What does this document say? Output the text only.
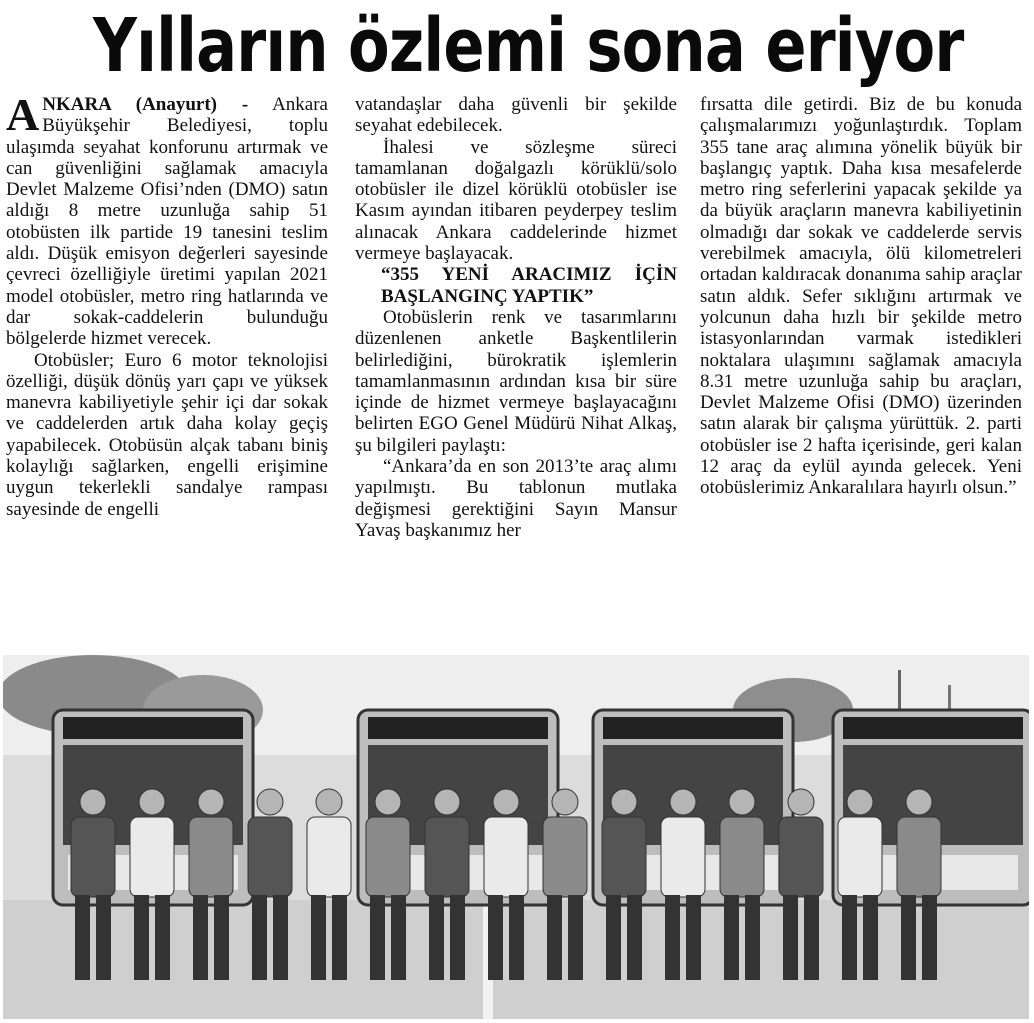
Yılların özlemi sona eriyor

ANKARA (Anayurt) - Ankara Büyükşehir Belediyesi, toplu ulaşımda seyahat konforunu artırmak ve can güvenliğini sağlamak amacıyla Devlet Malzeme Ofisi’nden (DMO) satın aldığı 8 metre uzunluğa sahip 51 otobüsten ilk partide 19 tanesini teslim aldı. Düşük emisyon değerleri sayesinde çevreci özelliğiyle üretimi yapılan 2021 model otobüsler, metro ring hatlarında ve dar sokak-caddelerin bulunduğu bölgelerde hizmet verecek.

Otobüsler; Euro 6 motor teknolojisi özelliği, düşük dönüş yarı çapı ve yüksek manevra kabiliyetiyle şehir içi dar sokak ve caddelerden artık daha kolay geçiş yapabilecek. Otobüsün alçak tabanı biniş kolaylığı sağlarken, engelli erişimine uygun tekerlekli sandalye rampası sayesinde de engelli

vatandaşlar daha güvenli bir şekilde seyahat edebilecek.

İhalesi ve sözleşme süreci tamamlanan doğalgazlı körüklü/solo otobüsler ile dizel körüklü otobüsler ise Kasım ayından itibaren peyderpey teslim alınacak Ankara caddelerinde hizmet vermeye başlayacak.

“355 YENİ ARACIMIZ İÇİN BAŞLANGINÇ YAPTIK”

Otobüslerin renk ve tasarımlarını düzenlenen anketle Başkentlilerin belirlediğini, bürokratik işlemlerin tamamlanmasının ardından kısa bir süre içinde de hizmet vermeye başlayacağını belirten EGO Genel Müdürü Nihat Alkaş, şu bilgileri paylaştı:

“Ankara’da en son 2013’te araç alımı yapılmıştı. Bu tablonun mutlaka değişmesi gerektiğini Sayın Mansur Yavaş başkanımız her

fırsatta dile getirdi. Biz de bu konuda çalışmalarımızı yoğunlaştırdık. Toplam 355 tane araç alımına yönelik büyük bir başlangıç yaptık. Daha kısa mesafelerde metro ring seferlerini yapacak şekilde ya da büyük araçların manevra kabiliyetinin olmadığı dar sokak ve caddelerde servis verebilmek amacıyla, ölü kilometreleri ortadan kaldıracak donanıma sahip araçlar satın aldık. Sefer sıklığını artırmak ve yolcunun daha hızlı bir şekilde metro istasyonlarından varmak istedikleri noktalara ulaşımını sağlamak amacıyla 8.31 metre uzunluğa sahip bu araçları, Devlet Malzeme Ofisi (DMO) üzerinden satın alarak bir çalışma yürüttük. 2. parti otobüsler ise 2 hafta içerisinde, geri kalan 12 araç da eylül ayında gelecek. Yeni otobüslerimiz Ankaralılara hayırlı olsun.”
